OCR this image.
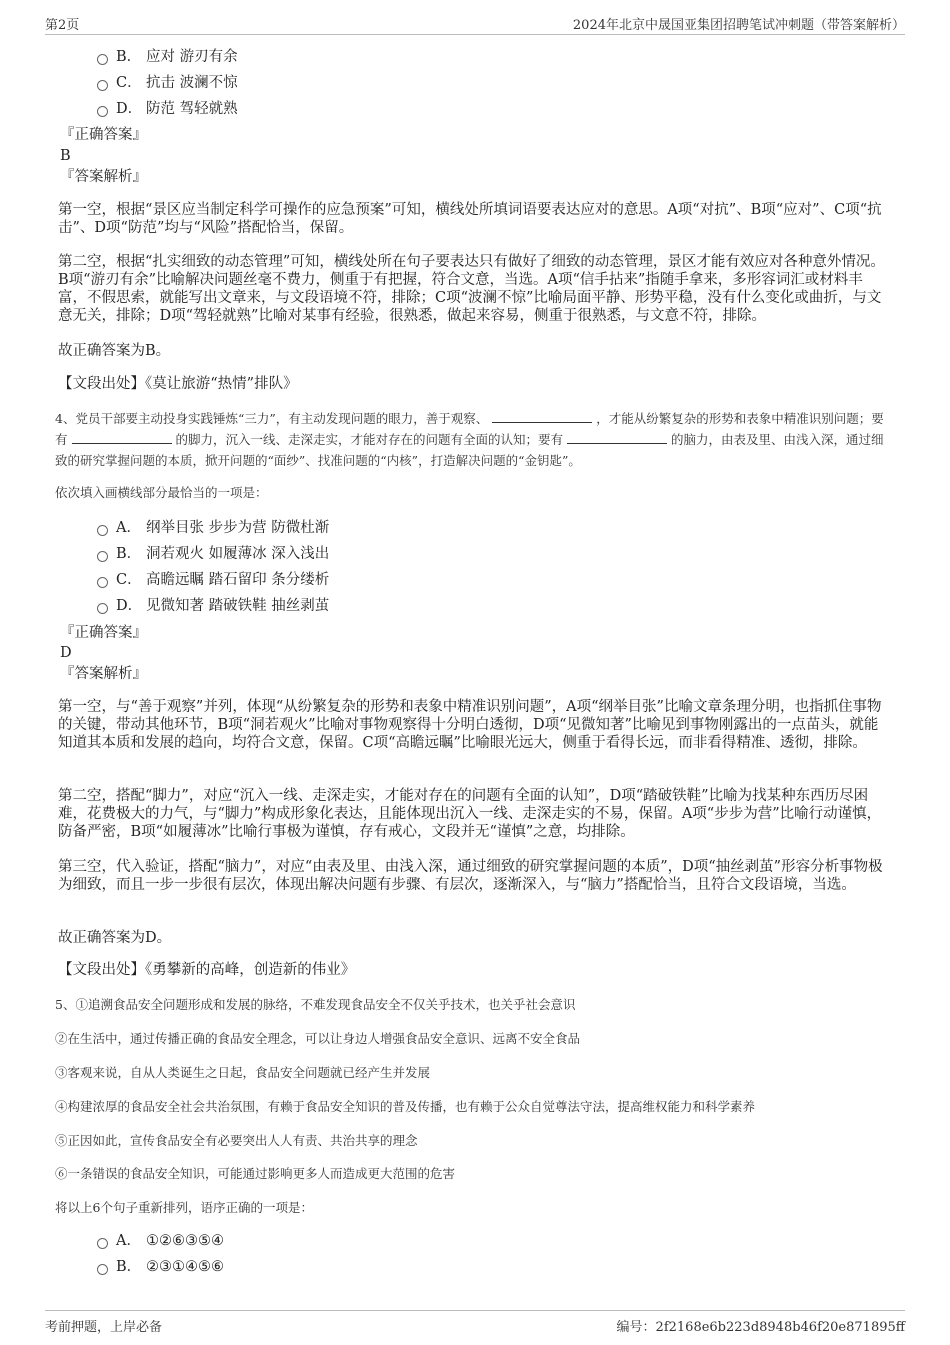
第2页	2024年北京中晟国亚集团招聘笔试冲刺题（带答案解析）
B． 应对 游刃有余
C． 抗击 波澜不惊
D． 防范 驾轻就熟
『正确答案』
B
『答案解析』
第一空，根据“景区应当制定科学可操作的应急预案”可知，横线处所填词语要表达应对的意思。A项“对抗”、B项“应对”、C项“抗击”、D项“防范”均与“风险”搭配恰当，保留。
第二空，根据“扎实细致的动态管理”可知，横线处所在句子要表达只有做好了细致的动态管理，景区才能有效应对各种意外情况。B项“游刃有余”比喻解决问题丝毫不费力，侧重于有把握，符合文意，当选。A项“信手拈来”指随手拿来，多形容词汇或材料丰富，不假思索，就能写出文章来，与文段语境不符，排除；C项“波澜不惊”比喻局面平静、形势平稳，没有什么变化或曲折，与文意无关，排除；D项“驾轻就熟”比喻对某事有经验，很熟悉，做起来容易，侧重于很熟悉，与文意不符，排除。
故正确答案为B。
【文段出处】《莫让旅游“热情”排队》
4、党员干部要主动投身实践锤炼“三力”，有主动发现问题的眼力，善于观察、	，才能从纷繁复杂的形势和表象中精准识别问题；要有	的脚力，沉入一线、走深走实，才能对存在的问题有全面的认知；要有	的脑力，由表及里、由浅入深，通过细致的研究掌握问题的本质，掀开问题的“面纱”、找准问题的“内核”，打造解决问题的“金钥匙”。
依次填入画横线部分最恰当的一项是：
A． 纲举目张 步步为营 防微杜渐
B． 洞若观火 如履薄冰 深入浅出
C． 高瞻远瞩 踏石留印 条分缕析
D． 见微知著 踏破铁鞋 抽丝剥茧
『正确答案』
D
『答案解析』
第一空，与“善于观察”并列，体现“从纷繁复杂的形势和表象中精准识别问题”，A项“纲举目张”比喻文章条理分明，也指抓住事物的关键，带动其他环节，B项“洞若观火”比喻对事物观察得十分明白透彻，D项“见微知著”比喻见到事物刚露出的一点苗头，就能知道其本质和发展的趋向，均符合文意，保留。C项“高瞻远瞩”比喻眼光远大，侧重于看得长远，而非看得精准、透彻，排除。
第二空，搭配“脚力”，对应“沉入一线、走深走实，才能对存在的问题有全面的认知”，D项“踏破铁鞋”比喻为找某种东西历尽困难，花费极大的力气，与“脚力”构成形象化表达，且能体现出沉入一线、走深走实的不易，保留。A项“步步为营”比喻行动谨慎，防备严密，B项“如履薄冰”比喻行事极为谨慎，存有戒心，文段并无“谨慎”之意，均排除。
第三空，代入验证，搭配“脑力”，对应“由表及里、由浅入深，通过细致的研究掌握问题的本质”，D项“抽丝剥茧”形容分析事物极为细致，而且一步一步很有层次，体现出解决问题有步骤、有层次，逐渐深入，与“脑力”搭配恰当，且符合文段语境，当选。
故正确答案为D。
【文段出处】《勇攀新的高峰，创造新的伟业》
5、①追溯食品安全问题形成和发展的脉络，不难发现食品安全不仅关乎技术，也关乎社会意识
②在生活中，通过传播正确的食品安全理念，可以让身边人增强食品安全意识、远离不安全食品
③客观来说，自从人类诞生之日起，食品安全问题就已经产生并发展
④构建浓厚的食品安全社会共治氛围，有赖于食品安全知识的普及传播，也有赖于公众自觉尊法守法，提高维权能力和科学素养
⑤正因如此，宣传食品安全有必要突出人人有责、共治共享的理念
⑥一条错误的食品安全知识，可能通过影响更多人而造成更大范围的危害
将以上6个句子重新排列，语序正确的一项是：
A． ①②⑥③⑤④
B． ②③①④⑤⑥
考前押题，上岸必备	编号：2f2168e6b223d8948b46f20e871895ff
